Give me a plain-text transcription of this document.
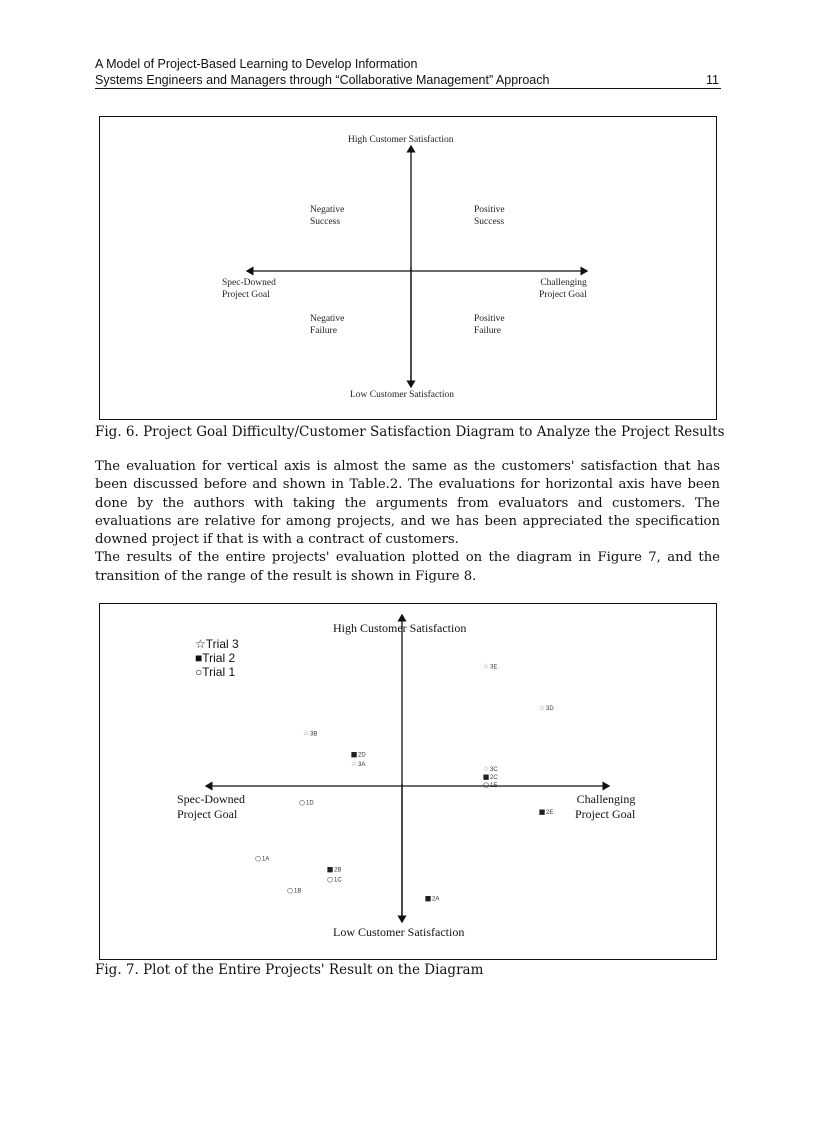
A Model of Project-Based Learning to Develop Information
Systems Engineers and Managers through “Collaborative Management” Approach	11
High Customer Satisfaction
Low Customer Satisfaction
Spec-Downed
Project Goal
Challenging
Project Goal
Negative
Success
Positive
Success
Negative
Failure
Positive
Failure
Fig. 6. Project Goal Difficulty/Customer Satisfaction Diagram to Analyze the Project Results

The evaluation for vertical axis is almost the same as the customers' satisfaction that has been discussed before and shown in Table.2. The evaluations for horizontal axis have been done by the authors with taking the arguments from evaluators and customers. The evaluations are relative for among projects, and we has been appreciated the specification downed project if that is with a contract of customers.

The results of the entire projects' evaluation plotted on the diagram in Figure 7, and the transition of the range of the result is shown in Figure 8.

☆ 3E
☆ 3D
☆ 3B
☆ 3A	☆ 3C
■ 2D
■ 2C
■ 2E
■ 2B
■ 2A
○ 1E
○ 1D
○ 1A
○ 1C
○ 1B
High Customer Satisfaction
Low Customer Satisfaction
Spec-Downed
Project Goal
Challenging
Project Goal
☆Trial 3
■Trial 2
○Trial 1
Fig. 7. Plot of the Entire Projects' Result on the Diagram
